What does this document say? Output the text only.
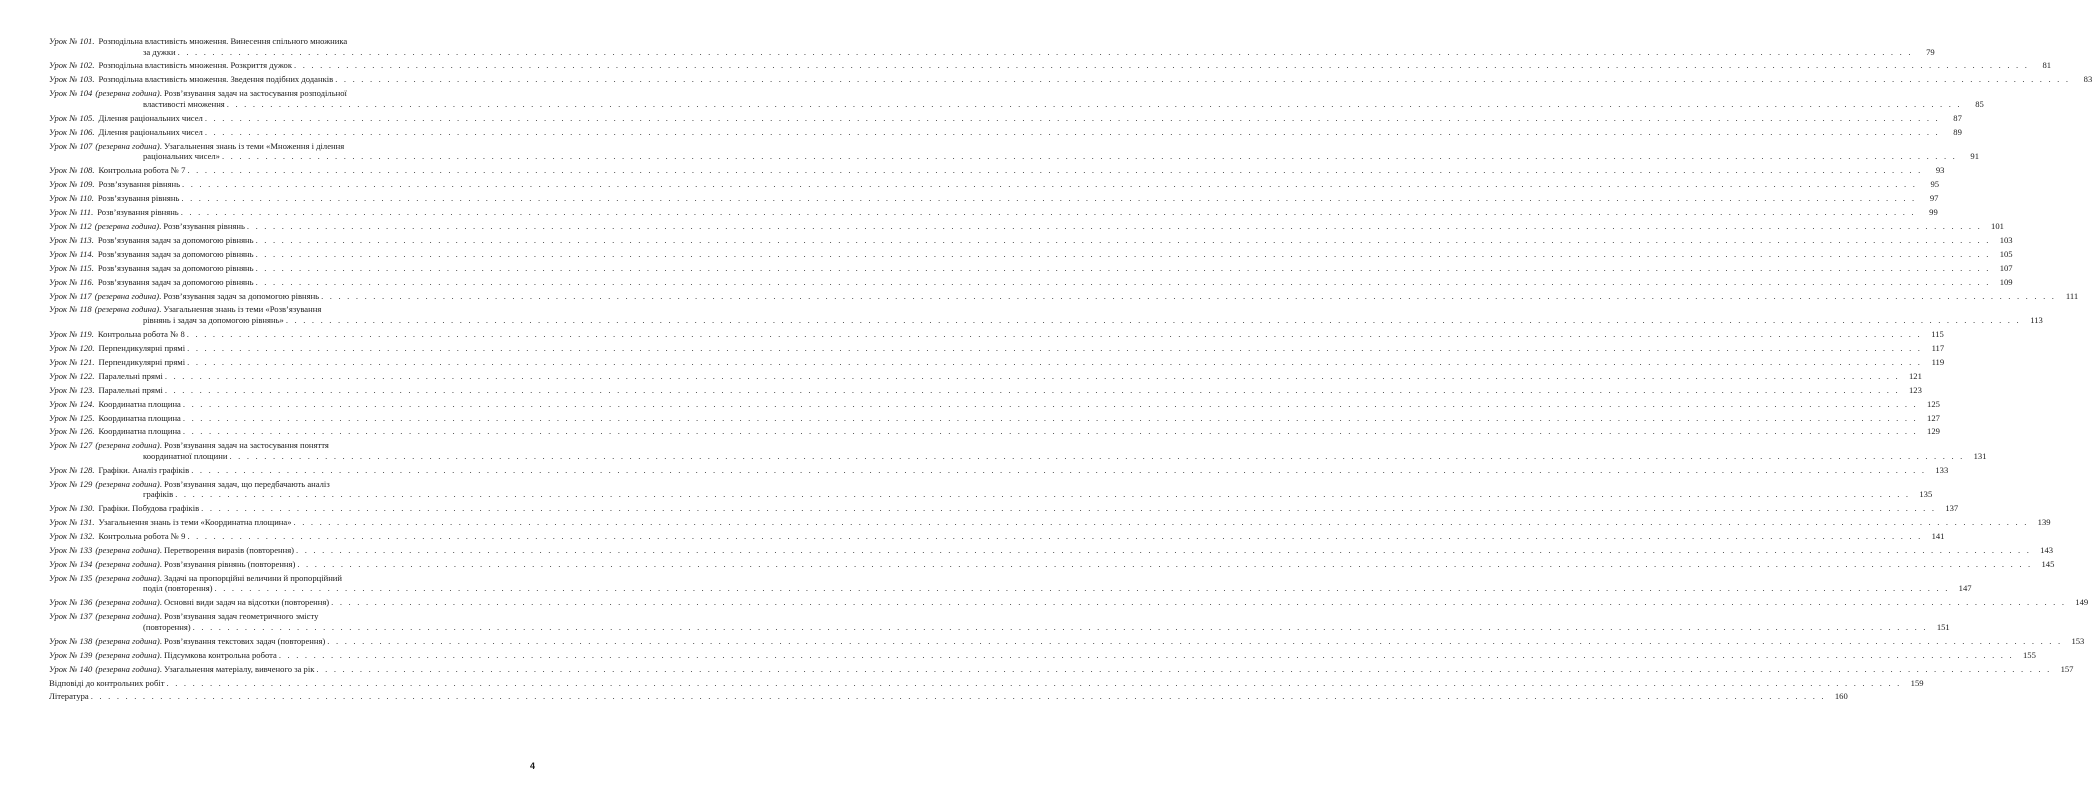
Урок № 101. Розподільна властивість множення. Винесення спільного множника
за дужки . . . . . . . . . . . . . . . . . . . . . . . . . . . . . . . . . . . . . . . . . . . . . . . . . . . . . . . . . . . . . . . . . . . . . . . . . . . . . . . . . . . . . . . . . . . . . . . . . . . . . . . . . . . . . . . . . . . . . . . . . . . . . . . . . . . . . . . . . . . . . . . . . . . . . . . . . . . . . . . . . . . . . . . . . . . . . . . . . . . . . . . . . . . . . . . . . . . . . . . .	79
Урок № 102. Розподільна властивість множення. Розкриття дужок . . . . . . . . . . . . . . . . . . . . . . . . . . . . . . . . . . . . . . . . . . . . . . . . . . . . . . . . . . . . . . . . . . . . . . . . . . . . . . . . . . . . . . . . . . . . . . . . . . . . . . . . . . . . . . . . . . . . . . . . . . . . . . . . . . . . . . . . . . . . . . . . . . . . . . . . . . . . . . . . . . . . . . . . . . . . . . . . . . . . . . . . . . . . . . . . . . . . . . . .	81
Урок № 103. Розподільна властивість множення. Зведення подібних доданків . . . . . . . . . . . . . . . . . . . . . . . . . . . . . . . . . . . . . . . . . . . . . . . . . . . . . . . . . . . . . . . . . . . . . . . . . . . . . . . . . . . . . . . . . . . . . . . . . . . . . . . . . . . . . . . . . . . . . . . . . . . . . . . . . . . . . . . . . . . . . . . . . . . . . . . . . . . . . . . . . . . . . . . . . . . . . . . . . . . . . . . . . . . . . . . . . . . . . . . .	83
Урок № 104 (резервна година) . Розв’язування задач на застосування розподільної
властивості множення . . . . . . . . . . . . . . . . . . . . . . . . . . . . . . . . . . . . . . . . . . . . . . . . . . . . . . . . . . . . . . . . . . . . . . . . . . . . . . . . . . . . . . . . . . . . . . . . . . . . . . . . . . . . . . . . . . . . . . . . . . . . . . . . . . . . . . . . . . . . . . . . . . . . . . . . . . . . . . . . . . . . . . . . . . . . . . . . . . . . . . . . . . . . . . . . . . . . . . . .	85
Урок № 105. Ділення раціональних чисел . . . . . . . . . . . . . . . . . . . . . . . . . . . . . . . . . . . . . . . . . . . . . . . . . . . . . . . . . . . . . . . . . . . . . . . . . . . . . . . . . . . . . . . . . . . . . . . . . . . . . . . . . . . . . . . . . . . . . . . . . . . . . . . . . . . . . . . . . . . . . . . . . . . . . . . . . . . . . . . . . . . . . . . . . . . . . . . . . . . . . . . . . . . . . . . . . . . . . . . .	87
Урок № 106. Ділення раціональних чисел . . . . . . . . . . . . . . . . . . . . . . . . . . . . . . . . . . . . . . . . . . . . . . . . . . . . . . . . . . . . . . . . . . . . . . . . . . . . . . . . . . . . . . . . . . . . . . . . . . . . . . . . . . . . . . . . . . . . . . . . . . . . . . . . . . . . . . . . . . . . . . . . . . . . . . . . . . . . . . . . . . . . . . . . . . . . . . . . . . . . . . . . . . . . . . . . . . . . . . . .	89
Урок № 107 (резервна година) . Узагальнення знань із теми «Множення і ділення
раціональних чисел» . . . . . . . . . . . . . . . . . . . . . . . . . . . . . . . . . . . . . . . . . . . . . . . . . . . . . . . . . . . . . . . . . . . . . . . . . . . . . . . . . . . . . . . . . . . . . . . . . . . . . . . . . . . . . . . . . . . . . . . . . . . . . . . . . . . . . . . . . . . . . . . . . . . . . . . . . . . . . . . . . . . . . . . . . . . . . . . . . . . . . . . . . . . . . . . . . . . . . . . .	91
Урок № 108. Контрольна робота № 7 . . . . . . . . . . . . . . . . . . . . . . . . . . . . . . . . . . . . . . . . . . . . . . . . . . . . . . . . . . . . . . . . . . . . . . . . . . . . . . . . . . . . . . . . . . . . . . . . . . . . . . . . . . . . . . . . . . . . . . . . . . . . . . . . . . . . . . . . . . . . . . . . . . . . . . . . . . . . . . . . . . . . . . . . . . . . . . . . . . . . . . . . . . . . . . . . . . . . . . . .	93
Урок № 109. Розв’язування рівнянь . . . . . . . . . . . . . . . . . . . . . . . . . . . . . . . . . . . . . . . . . . . . . . . . . . . . . . . . . . . . . . . . . . . . . . . . . . . . . . . . . . . . . . . . . . . . . . . . . . . . . . . . . . . . . . . . . . . . . . . . . . . . . . . . . . . . . . . . . . . . . . . . . . . . . . . . . . . . . . . . . . . . . . . . . . . . . . . . . . . . . . . . . . . . . . . . . . . . . . . .	95
Урок № 110. Розв’язування рівнянь . . . . . . . . . . . . . . . . . . . . . . . . . . . . . . . . . . . . . . . . . . . . . . . . . . . . . . . . . . . . . . . . . . . . . . . . . . . . . . . . . . . . . . . . . . . . . . . . . . . . . . . . . . . . . . . . . . . . . . . . . . . . . . . . . . . . . . . . . . . . . . . . . . . . . . . . . . . . . . . . . . . . . . . . . . . . . . . . . . . . . . . . . . . . . . . . . . . . . . . .	97
Урок № 111. Розв’язування рівнянь . . . . . . . . . . . . . . . . . . . . . . . . . . . . . . . . . . . . . . . . . . . . . . . . . . . . . . . . . . . . . . . . . . . . . . . . . . . . . . . . . . . . . . . . . . . . . . . . . . . . . . . . . . . . . . . . . . . . . . . . . . . . . . . . . . . . . . . . . . . . . . . . . . . . . . . . . . . . . . . . . . . . . . . . . . . . . . . . . . . . . . . . . . . . . . . . . . . . . . . .	99
Урок № 112 (резервна година) . Розв’язування рівнянь . . . . . . . . . . . . . . . . . . . . . . . . . . . . . . . . . . . . . . . . . . . . . . . . . . . . . . . . . . . . . . . . . . . . . . . . . . . . . . . . . . . . . . . . . . . . . . . . . . . . . . . . . . . . . . . . . . . . . . . . . . . . . . . . . . . . . . . . . . . . . . . . . . . . . . . . . . . . . . . . . . . . . . . . . . . . . . . . . . . . . . . . . . . . . . . . . . . . . . . .	101
Урок № 113. Розв’язування задач за допомогою рівнянь . . . . . . . . . . . . . . . . . . . . . . . . . . . . . . . . . . . . . . . . . . . . . . . . . . . . . . . . . . . . . . . . . . . . . . . . . . . . . . . . . . . . . . . . . . . . . . . . . . . . . . . . . . . . . . . . . . . . . . . . . . . . . . . . . . . . . . . . . . . . . . . . . . . . . . . . . . . . . . . . . . . . . . . . . . . . . . . . . . . . . . . . . . . . . . . . . . . . . . . .	103
Урок № 114. Розв’язування задач за допомогою рівнянь . . . . . . . . . . . . . . . . . . . . . . . . . . . . . . . . . . . . . . . . . . . . . . . . . . . . . . . . . . . . . . . . . . . . . . . . . . . . . . . . . . . . . . . . . . . . . . . . . . . . . . . . . . . . . . . . . . . . . . . . . . . . . . . . . . . . . . . . . . . . . . . . . . . . . . . . . . . . . . . . . . . . . . . . . . . . . . . . . . . . . . . . . . . . . . . . . . . . . . . .	105
Урок № 115. Розв’язування задач за допомогою рівнянь . . . . . . . . . . . . . . . . . . . . . . . . . . . . . . . . . . . . . . . . . . . . . . . . . . . . . . . . . . . . . . . . . . . . . . . . . . . . . . . . . . . . . . . . . . . . . . . . . . . . . . . . . . . . . . . . . . . . . . . . . . . . . . . . . . . . . . . . . . . . . . . . . . . . . . . . . . . . . . . . . . . . . . . . . . . . . . . . . . . . . . . . . . . . . . . . . . . . . . . .	107
Урок № 116. Розв’язування задач за допомогою рівнянь . . . . . . . . . . . . . . . . . . . . . . . . . . . . . . . . . . . . . . . . . . . . . . . . . . . . . . . . . . . . . . . . . . . . . . . . . . . . . . . . . . . . . . . . . . . . . . . . . . . . . . . . . . . . . . . . . . . . . . . . . . . . . . . . . . . . . . . . . . . . . . . . . . . . . . . . . . . . . . . . . . . . . . . . . . . . . . . . . . . . . . . . . . . . . . . . . . . . . . . .	109
Урок № 117 (резервна година) . Розв’язування задач за допомогою рівнянь . . . . . . . . . . . . . . . . . . . . . . . . . . . . . . . . . . . . . . . . . . . . . . . . . . . . . . . . . . . . . . . . . . . . . . . . . . . . . . . . . . . . . . . . . . . . . . . . . . . . . . . . . . . . . . . . . . . . . . . . . . . . . . . . . . . . . . . . . . . . . . . . . . . . . . . . . . . . . . . . . . . . . . . . . . . . . . . . . . . . . . . . . . . . . . . . . . . . . . . .	111
Урок № 118 (резервна година) . Узагальнення знань із теми «Розв’язування
рівнянь і задач за допомогою рівнянь» . . . . . . . . . . . . . . . . . . . . . . . . . . . . . . . . . . . . . . . . . . . . . . . . . . . . . . . . . . . . . . . . . . . . . . . . . . . . . . . . . . . . . . . . . . . . . . . . . . . . . . . . . . . . . . . . . . . . . . . . . . . . . . . . . . . . . . . . . . . . . . . . . . . . . . . . . . . . . . . . . . . . . . . . . . . . . . . . . . . . . . . . . . . . . . . . . . . . . . . .	113
Урок № 119. Контрольна робота № 8 . . . . . . . . . . . . . . . . . . . . . . . . . . . . . . . . . . . . . . . . . . . . . . . . . . . . . . . . . . . . . . . . . . . . . . . . . . . . . . . . . . . . . . . . . . . . . . . . . . . . . . . . . . . . . . . . . . . . . . . . . . . . . . . . . . . . . . . . . . . . . . . . . . . . . . . . . . . . . . . . . . . . . . . . . . . . . . . . . . . . . . . . . . . . . . . . . . . . . . . .	115
Урок № 120. Перпендикулярні прямі . . . . . . . . . . . . . . . . . . . . . . . . . . . . . . . . . . . . . . . . . . . . . . . . . . . . . . . . . . . . . . . . . . . . . . . . . . . . . . . . . . . . . . . . . . . . . . . . . . . . . . . . . . . . . . . . . . . . . . . . . . . . . . . . . . . . . . . . . . . . . . . . . . . . . . . . . . . . . . . . . . . . . . . . . . . . . . . . . . . . . . . . . . . . . . . . . . . . . . . .	117
Урок № 121. Перпендикулярні прямі . . . . . . . . . . . . . . . . . . . . . . . . . . . . . . . . . . . . . . . . . . . . . . . . . . . . . . . . . . . . . . . . . . . . . . . . . . . . . . . . . . . . . . . . . . . . . . . . . . . . . . . . . . . . . . . . . . . . . . . . . . . . . . . . . . . . . . . . . . . . . . . . . . . . . . . . . . . . . . . . . . . . . . . . . . . . . . . . . . . . . . . . . . . . . . . . . . . . . . . .	119
Урок № 122. Паралельні прямі . . . . . . . . . . . . . . . . . . . . . . . . . . . . . . . . . . . . . . . . . . . . . . . . . . . . . . . . . . . . . . . . . . . . . . . . . . . . . . . . . . . . . . . . . . . . . . . . . . . . . . . . . . . . . . . . . . . . . . . . . . . . . . . . . . . . . . . . . . . . . . . . . . . . . . . . . . . . . . . . . . . . . . . . . . . . . . . . . . . . . . . . . . . . . . . . . . . . . . . .	121
Урок № 123. Паралельні прямі . . . . . . . . . . . . . . . . . . . . . . . . . . . . . . . . . . . . . . . . . . . . . . . . . . . . . . . . . . . . . . . . . . . . . . . . . . . . . . . . . . . . . . . . . . . . . . . . . . . . . . . . . . . . . . . . . . . . . . . . . . . . . . . . . . . . . . . . . . . . . . . . . . . . . . . . . . . . . . . . . . . . . . . . . . . . . . . . . . . . . . . . . . . . . . . . . . . . . . . .	123
Урок № 124. Координатна площина . . . . . . . . . . . . . . . . . . . . . . . . . . . . . . . . . . . . . . . . . . . . . . . . . . . . . . . . . . . . . . . . . . . . . . . . . . . . . . . . . . . . . . . . . . . . . . . . . . . . . . . . . . . . . . . . . . . . . . . . . . . . . . . . . . . . . . . . . . . . . . . . . . . . . . . . . . . . . . . . . . . . . . . . . . . . . . . . . . . . . . . . . . . . . . . . . . . . . . . .	125
Урок № 125. Координатна площина . . . . . . . . . . . . . . . . . . . . . . . . . . . . . . . . . . . . . . . . . . . . . . . . . . . . . . . . . . . . . . . . . . . . . . . . . . . . . . . . . . . . . . . . . . . . . . . . . . . . . . . . . . . . . . . . . . . . . . . . . . . . . . . . . . . . . . . . . . . . . . . . . . . . . . . . . . . . . . . . . . . . . . . . . . . . . . . . . . . . . . . . . . . . . . . . . . . . . . . .	127
Урок № 126. Координатна площина . . . . . . . . . . . . . . . . . . . . . . . . . . . . . . . . . . . . . . . . . . . . . . . . . . . . . . . . . . . . . . . . . . . . . . . . . . . . . . . . . . . . . . . . . . . . . . . . . . . . . . . . . . . . . . . . . . . . . . . . . . . . . . . . . . . . . . . . . . . . . . . . . . . . . . . . . . . . . . . . . . . . . . . . . . . . . . . . . . . . . . . . . . . . . . . . . . . . . . . .	129
Урок № 127 (резервна година) . Розв’язування задач на застосування поняття
координатної площини . . . . . . . . . . . . . . . . . . . . . . . . . . . . . . . . . . . . . . . . . . . . . . . . . . . . . . . . . . . . . . . . . . . . . . . . . . . . . . . . . . . . . . . . . . . . . . . . . . . . . . . . . . . . . . . . . . . . . . . . . . . . . . . . . . . . . . . . . . . . . . . . . . . . . . . . . . . . . . . . . . . . . . . . . . . . . . . . . . . . . . . . . . . . . . . . . . . . . . . .	131
Урок № 128. Графіки. Аналіз графіків . . . . . . . . . . . . . . . . . . . . . . . . . . . . . . . . . . . . . . . . . . . . . . . . . . . . . . . . . . . . . . . . . . . . . . . . . . . . . . . . . . . . . . . . . . . . . . . . . . . . . . . . . . . . . . . . . . . . . . . . . . . . . . . . . . . . . . . . . . . . . . . . . . . . . . . . . . . . . . . . . . . . . . . . . . . . . . . . . . . . . . . . . . . . . . . . . . . . . . . .	133
Урок № 129 (резервна година) . Розв’язування задач, що передбачають аналіз
графіків . . . . . . . . . . . . . . . . . . . . . . . . . . . . . . . . . . . . . . . . . . . . . . . . . . . . . . . . . . . . . . . . . . . . . . . . . . . . . . . . . . . . . . . . . . . . . . . . . . . . . . . . . . . . . . . . . . . . . . . . . . . . . . . . . . . . . . . . . . . . . . . . . . . . . . . . . . . . . . . . . . . . . . . . . . . . . . . . . . . . . . . . . . . . . . . . . . . . . . . .	135
Урок № 130. Графіки. Побудова графіків . . . . . . . . . . . . . . . . . . . . . . . . . . . . . . . . . . . . . . . . . . . . . . . . . . . . . . . . . . . . . . . . . . . . . . . . . . . . . . . . . . . . . . . . . . . . . . . . . . . . . . . . . . . . . . . . . . . . . . . . . . . . . . . . . . . . . . . . . . . . . . . . . . . . . . . . . . . . . . . . . . . . . . . . . . . . . . . . . . . . . . . . . . . . . . . . . . . . . . . .	137
Урок № 131. Узагальнення знань із теми «Координатна площина» . . . . . . . . . . . . . . . . . . . . . . . . . . . . . . . . . . . . . . . . . . . . . . . . . . . . . . . . . . . . . . . . . . . . . . . . . . . . . . . . . . . . . . . . . . . . . . . . . . . . . . . . . . . . . . . . . . . . . . . . . . . . . . . . . . . . . . . . . . . . . . . . . . . . . . . . . . . . . . . . . . . . . . . . . . . . . . . . . . . . . . . . . . . . . . . . . . . . . . . .	139
Урок № 132. Контрольна робота № 9 . . . . . . . . . . . . . . . . . . . . . . . . . . . . . . . . . . . . . . . . . . . . . . . . . . . . . . . . . . . . . . . . . . . . . . . . . . . . . . . . . . . . . . . . . . . . . . . . . . . . . . . . . . . . . . . . . . . . . . . . . . . . . . . . . . . . . . . . . . . . . . . . . . . . . . . . . . . . . . . . . . . . . . . . . . . . . . . . . . . . . . . . . . . . . . . . . . . . . . . .	141
Урок № 133 (резервна година) . Перетворення виразів (повторення) . . . . . . . . . . . . . . . . . . . . . . . . . . . . . . . . . . . . . . . . . . . . . . . . . . . . . . . . . . . . . . . . . . . . . . . . . . . . . . . . . . . . . . . . . . . . . . . . . . . . . . . . . . . . . . . . . . . . . . . . . . . . . . . . . . . . . . . . . . . . . . . . . . . . . . . . . . . . . . . . . . . . . . . . . . . . . . . . . . . . . . . . . . . . . . . . . . . . . . . .	143
Урок № 134 (резервна година) . Розв’язування рівнянь (повторення) . . . . . . . . . . . . . . . . . . . . . . . . . . . . . . . . . . . . . . . . . . . . . . . . . . . . . . . . . . . . . . . . . . . . . . . . . . . . . . . . . . . . . . . . . . . . . . . . . . . . . . . . . . . . . . . . . . . . . . . . . . . . . . . . . . . . . . . . . . . . . . . . . . . . . . . . . . . . . . . . . . . . . . . . . . . . . . . . . . . . . . . . . . . . . . . . . . . . . . . .	145
Урок № 135 (резервна година) . Задачі на пропорційні величини й пропорційний
поділ (повторення) . . . . . . . . . . . . . . . . . . . . . . . . . . . . . . . . . . . . . . . . . . . . . . . . . . . . . . . . . . . . . . . . . . . . . . . . . . . . . . . . . . . . . . . . . . . . . . . . . . . . . . . . . . . . . . . . . . . . . . . . . . . . . . . . . . . . . . . . . . . . . . . . . . . . . . . . . . . . . . . . . . . . . . . . . . . . . . . . . . . . . . . . . . . . . . . . . . . . . . . .	147
Урок № 136 (резервна година) . Основні види задач на відсотки (повторення) . . . . . . . . . . . . . . . . . . . . . . . . . . . . . . . . . . . . . . . . . . . . . . . . . . . . . . . . . . . . . . . . . . . . . . . . . . . . . . . . . . . . . . . . . . . . . . . . . . . . . . . . . . . . . . . . . . . . . . . . . . . . . . . . . . . . . . . . . . . . . . . . . . . . . . . . . . . . . . . . . . . . . . . . . . . . . . . . . . . . . . . . . . . . . . . . . . . . . . . .	149
Урок № 137 (резервна година) . Розв’язування задач геометричного змісту
(повторення) . . . . . . . . . . . . . . . . . . . . . . . . . . . . . . . . . . . . . . . . . . . . . . . . . . . . . . . . . . . . . . . . . . . . . . . . . . . . . . . . . . . . . . . . . . . . . . . . . . . . . . . . . . . . . . . . . . . . . . . . . . . . . . . . . . . . . . . . . . . . . . . . . . . . . . . . . . . . . . . . . . . . . . . . . . . . . . . . . . . . . . . . . . . . . . . . . . . . . . . .	151
Урок № 138 (резервна година) . Розв’язування текстових задач (повторення) . . . . . . . . . . . . . . . . . . . . . . . . . . . . . . . . . . . . . . . . . . . . . . . . . . . . . . . . . . . . . . . . . . . . . . . . . . . . . . . . . . . . . . . . . . . . . . . . . . . . . . . . . . . . . . . . . . . . . . . . . . . . . . . . . . . . . . . . . . . . . . . . . . . . . . . . . . . . . . . . . . . . . . . . . . . . . . . . . . . . . . . . . . . . . . . . . . . . . . . .	153
Урок № 139 (резервна година) . Підсумкова контрольна робота . . . . . . . . . . . . . . . . . . . . . . . . . . . . . . . . . . . . . . . . . . . . . . . . . . . . . . . . . . . . . . . . . . . . . . . . . . . . . . . . . . . . . . . . . . . . . . . . . . . . . . . . . . . . . . . . . . . . . . . . . . . . . . . . . . . . . . . . . . . . . . . . . . . . . . . . . . . . . . . . . . . . . . . . . . . . . . . . . . . . . . . . . . . . . . . . . . . . . . . .	155
Урок № 140 (резервна година) . Узагальнення матеріалу, вивченого за рік . . . . . . . . . . . . . . . . . . . . . . . . . . . . . . . . . . . . . . . . . . . . . . . . . . . . . . . . . . . . . . . . . . . . . . . . . . . . . . . . . . . . . . . . . . . . . . . . . . . . . . . . . . . . . . . . . . . . . . . . . . . . . . . . . . . . . . . . . . . . . . . . . . . . . . . . . . . . . . . . . . . . . . . . . . . . . . . . . . . . . . . . . . . . . . . . . . . . . . . .	157
Відповіді до контрольних робіт . . . . . . . . . . . . . . . . . . . . . . . . . . . . . . . . . . . . . . . . . . . . . . . . . . . . . . . . . . . . . . . . . . . . . . . . . . . . . . . . . . . . . . . . . . . . . . . . . . . . . . . . . . . . . . . . . . . . . . . . . . . . . . . . . . . . . . . . . . . . . . . . . . . . . . . . . . . . . . . . . . . . . . . . . . . . . . . . . . . . . . . . . . . . . . . . . . . . . . . .	159
Література . . . . . . . . . . . . . . . . . . . . . . . . . . . . . . . . . . . . . . . . . . . . . . . . . . . . . . . . . . . . . . . . . . . . . . . . . . . . . . . . . . . . . . . . . . . . . . . . . . . . . . . . . . . . . . . . . . . . . . . . . . . . . . . . . . . . . . . . . . . . . . . . . . . . . . . . . . . . . . . . . . . . . . . . . . . . . . . . . . . . . . . . . . . . . . . . . . . . . . . .	160
4
